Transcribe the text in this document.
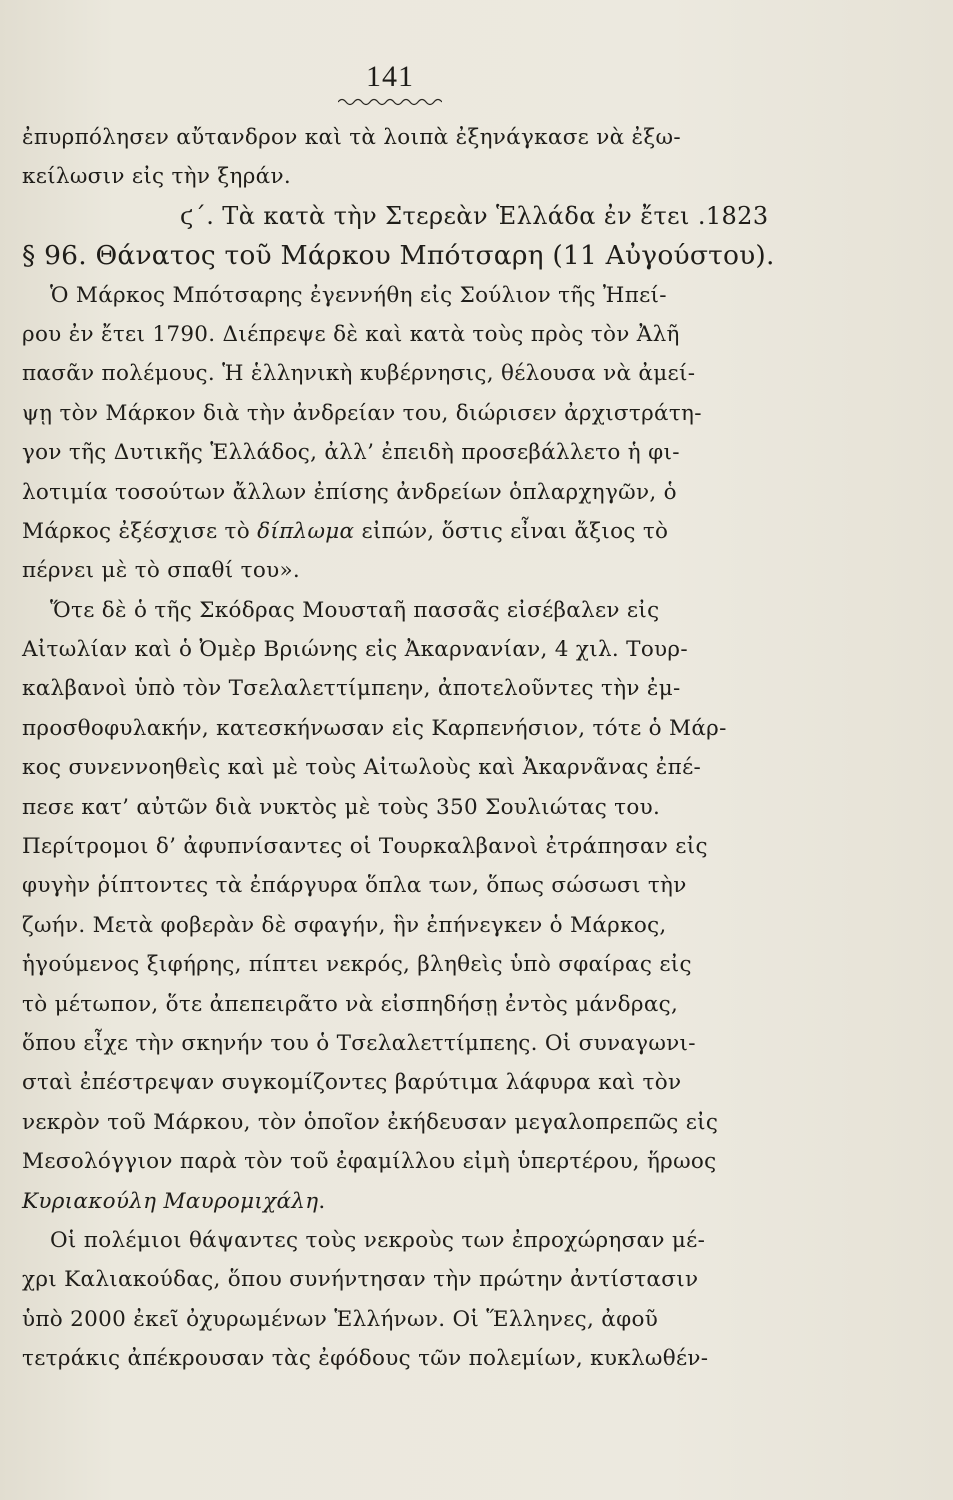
141
ἐπυρπόλησεν αὔτανδρον καὶ τὰ λοιπὰ ἐξηνάγκασε νὰ ἐξω-
κείλωσιν εἰς τὴν ξηράν.
ϛ΄. Τὰ κατὰ τὴν Στερεὰν Ἑλλάδα ἐν ἔτει .1823
§ 96. Θάνατος τοῦ Μάρκου Μπότσαρη (11 Αὐγούστου).
Ὁ Μάρκος Μπότσαρης ἐγεννήθη εἰς Σούλιον τῆς Ἠπεί-
ρου ἐν ἔτει 1790. Διέπρεψε δὲ καὶ κατὰ τοὺς πρὸς τὸν Ἀλῆ
πασᾶν πολέμους. Ἡ ἑλληνικὴ κυβέρνησις, θέλουσα νὰ ἀμεί-
ψῃ τὸν Μάρκον διὰ τὴν ἀνδρείαν του, διώρισεν ἀρχιστράτη-
γον τῆς Δυτικῆς Ἑλλάδος, ἀλλ’ ἐπειδὴ προσεβάλλετο ἡ φι-
λοτιμία τοσούτων ἄλλων ἐπίσης ἀνδρείων ὁπλαρχηγῶν, ὁ
Μάρκος ἐξέσχισε τὸ δίπλωμα εἰπών, ὅστις εἶναι ἄξιος τὸ
πέρνει μὲ τὸ σπαθί του».
Ὅτε δὲ ὁ τῆς Σκόδρας Μουσταῆ πασσᾶς εἰσέβαλεν εἰς
Αἰτωλίαν καὶ ὁ Ὀμὲρ Βριώνης εἰς Ἀκαρνανίαν, 4 χιλ. Τουρ-
καλβανοὶ ὑπὸ τὸν Τσελαλεττίμπεην, ἀποτελοῦντες τὴν ἐμ-
προσθοφυλακήν, κατεσκήνωσαν εἰς Καρπενήσιον, τότε ὁ Μάρ-
κος συνεννοηθεὶς καὶ μὲ τοὺς Αἰτωλοὺς καὶ Ἀκαρνᾶνας ἐπέ-
πεσε κατ’ αὐτῶν διὰ νυκτὸς μὲ τοὺς 350 Σουλιώτας του.
Περίτρομοι δ’ ἀφυπνίσαντες οἱ Τουρκαλβανοὶ ἐτράπησαν εἰς
φυγὴν ῥίπτοντες τὰ ἐπάργυρα ὅπλα των, ὅπως σώσωσι τὴν
ζωήν. Μετὰ φοβερὰν δὲ σφαγήν, ἣν ἐπήνεγκεν ὁ Μάρκος,
ἡγούμενος ξιφήρης, πίπτει νεκρός, βληθεὶς ὑπὸ σφαίρας εἰς
τὸ μέτωπον, ὅτε ἀπεπειρᾶτο νὰ εἰσπηδήσῃ ἐντὸς μάνδρας,
ὅπου εἶχε τὴν σκηνήν του ὁ Τσελαλεττίμπεης. Οἱ συναγωνι-
σταὶ ἐπέστρεψαν συγκομίζοντες βαρύτιμα λάφυρα καὶ τὸν
νεκρὸν τοῦ Μάρκου, τὸν ὁποῖον ἐκήδευσαν μεγαλοπρεπῶς εἰς
Μεσολόγγιον παρὰ τὸν τοῦ ἐφαμίλλου εἰμὴ ὑπερτέρου, ἥρωος
Κυριακούλη Μαυρομιχάλη.
Οἱ πολέμιοι θάψαντες τοὺς νεκροὺς των ἐπροχώρησαν μέ-
χρι Καλιακούδας, ὅπου συνήντησαν τὴν πρώτην ἀντίστασιν
ὑπὸ 2000 ἐκεῖ ὀχυρωμένων Ἑλλήνων. Οἱ Ἕλληνες, ἀφοῦ
τετράκις ἀπέκρουσαν τὰς ἐφόδους τῶν πολεμίων, κυκλωθέν-
